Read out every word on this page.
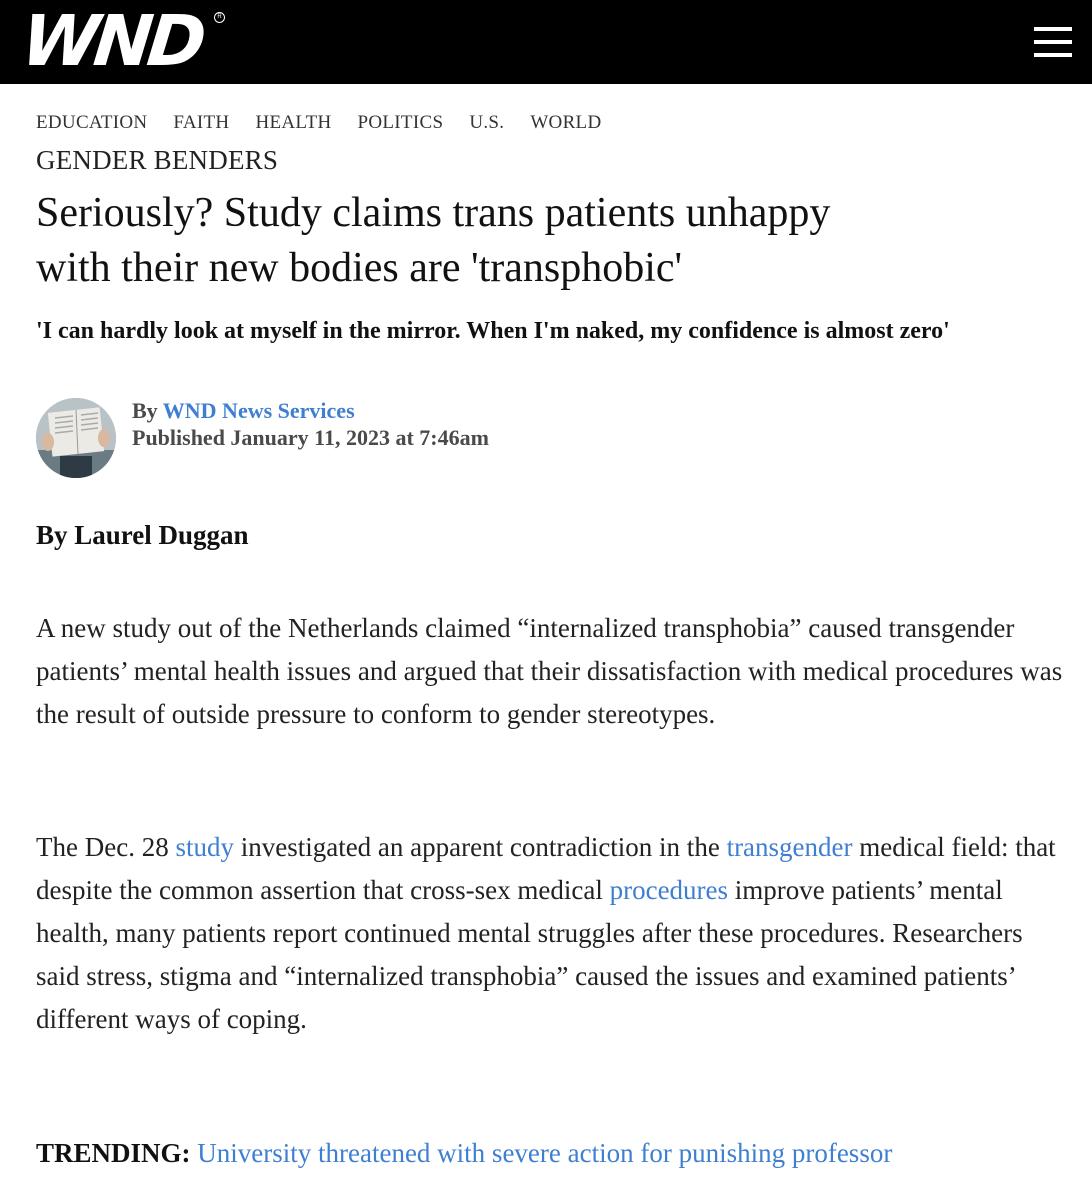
WND	R
EDUCATION FAITH HEALTH POLITICS U.S. WORLD
GENDER BENDERS
Seriously? Study claims trans patients unhappy
with their new bodies are 'transphobic'
'I can hardly look at myself in the mirror. When I'm naked, my confidence is almost zero'
By WND News Services
Published January 11, 2023 at 7:46am
By Laurel Duggan

A new study out of the Netherlands claimed “internalized transphobia” caused transgender patients’ mental health issues and argued that their dissatisfaction with medical procedures was the result of outside pressure to conform to gender stereotypes.

The Dec. 28 study investigated an apparent contradiction in the transgender medical field: that despite the common assertion that cross-sex medical procedures improve patients’ mental health, many patients report continued mental struggles after these procedures. Researchers said stress, stigma and “internalized transphobia” caused the issues and examined patients’ different ways of coping.

TRENDING: University threatened with severe action for punishing professor
